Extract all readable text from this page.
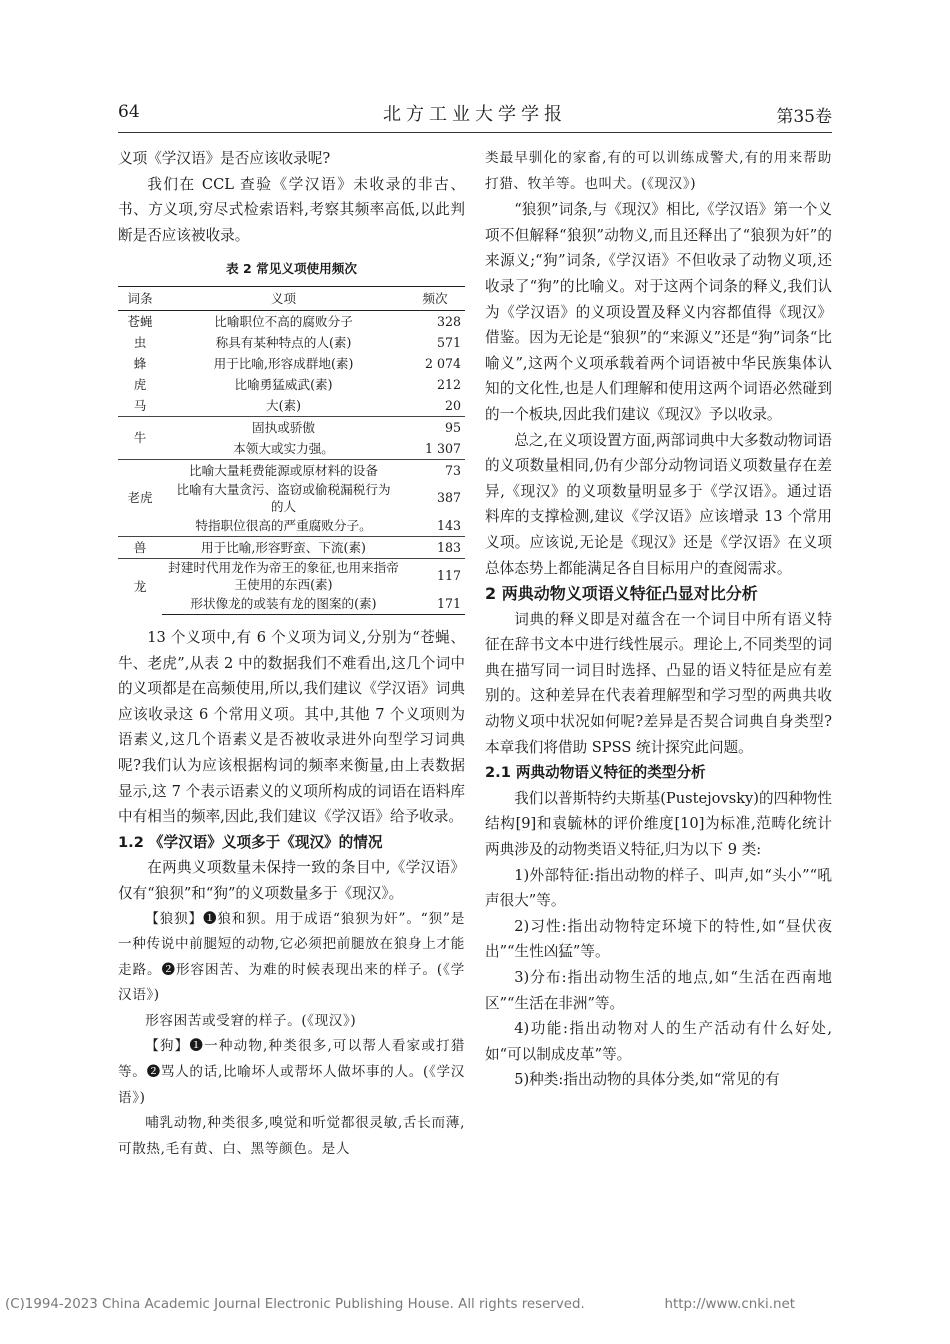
64	北方工业大学学报	第35卷

义项《学汉语》是否应该收录呢?

我们在 CCL 查验《学汉语》未收录的非古、书、方义项,穷尽式检索语料,考察其频率高低,以此判断是否应该被收录。

表 2 常见义项使用频次
词条	义项	频次
苍蝇	比喻职位不高的腐败分子	328
虫	称具有某种特点的人(素)	571
蜂	用于比喻,形容成群地(素)	2 074
虎	比喻勇猛威武(素)	212
马	大(素)	20
牛	固执或骄傲	95
	本领大或实力强。	1 307
老虎	比喻大量耗费能源或原材料的设备	73
	比喻有大量贪污、盗窃或偷税漏税行为的人	387
	特指职位很高的严重腐败分子。	143
兽	用于比喻,形容野蛮、下流(素)	183
龙	封建时代用龙作为帝王的象征,也用来指帝王使用的东西(素)	117
	形状像龙的或装有龙的图案的(素)	171

13 个义项中,有 6 个义项为词义,分别为“苍蝇、牛、老虎”,从表 2 中的数据我们不难看出,这几个词中的义项都是在高频使用,所以,我们建议《学汉语》词典应该收录这 6 个常用义项。其中,其他 7 个义项则为语素义,这几个语素义是否被收录进外向型学习词典呢?我们认为应该根据构词的频率来衡量,由上表数据显示,这 7 个表示语素义的义项所构成的词语在语料库中有相当的频率,因此,我们建议《学汉语》给予收录。

1.2 《学汉语》义项多于《现汉》的情况

在两典义项数量未保持一致的条目中,《学汉语》仅有“狼狈”和“狗”的义项数量多于《现汉》。

【狼狈】❶狼和狈。用于成语“狼狈为奸”。“狈”是一种传说中前腿短的动物,它必须把前腿放在狼身上才能走路。❷形容困苦、为难的时候表现出来的样子。(《学汉语》)

形容困苦或受窘的样子。(《现汉》)

【狗】❶一种动物,种类很多,可以帮人看家或打猎等。❷骂人的话,比喻坏人或帮坏人做坏事的人。(《学汉语》)

哺乳动物,种类很多,嗅觉和听觉都很灵敏,舌长而薄,可散热,毛有黄、白、黑等颜色。是人

类最早驯化的家畜,有的可以训练成警犬,有的用来帮助打猎、牧羊等。也叫犬。(《现汉》)

“狼狈”词条,与《现汉》相比,《学汉语》第一个义项不但解释“狼狈”动物义,而且还释出了“狼狈为奸”的来源义;“狗”词条,《学汉语》不但收录了动物义项,还收录了“狗”的比喻义。对于这两个词条的释义,我们认为《学汉语》的义项设置及释义内容都值得《现汉》借鉴。因为无论是“狼狈”的“来源义”还是“狗”词条“比喻义”,这两个义项承载着两个词语被中华民族集体认知的文化性,也是人们理解和使用这两个词语必然碰到的一个板块,因此我们建议《现汉》予以收录。

总之,在义项设置方面,两部词典中大多数动物词语的义项数量相同,仍有少部分动物词语义项数量存在差异,《现汉》的义项数量明显多于《学汉语》。通过语料库的支撑检测,建议《学汉语》应该增录 13 个常用义项。应该说,无论是《现汉》还是《学汉语》在义项总体态势上都能满足各自目标用户的查阅需求。

2 两典动物义项语义特征凸显对比分析

词典的释义即是对蕴含在一个词目中所有语义特征在辞书文本中进行线性展示。理论上,不同类型的词典在描写同一词目时选择、凸显的语义特征是应有差别的。这种差异在代表着理解型和学习型的两典共收动物义项中状况如何呢?差异是否契合词典自身类型?本章我们将借助 SPSS 统计探究此问题。

2.1 两典动物语义特征的类型分析

我们以普斯特约夫斯基(Pustejovsky)的四种物性结构[9]和袁毓林的评价维度[10]为标准,范畴化统计两典涉及的动物类语义特征,归为以下 9 类:

1)外部特征:指出动物的样子、叫声,如“头小”“吼声很大”等。

2)习性:指出动物特定环境下的特性,如“昼伏夜出”“生性凶猛”等。

3)分布:指出动物生活的地点,如“生活在西南地区”“生活在非洲”等。

4)功能:指出动物对人的生产活动有什么好处,如“可以制成皮革”等。

5)种类:指出动物的具体分类,如“常见的有

(C)1994-2023 China Academic Journal Electronic Publishing House. All rights reserved.	http://www.cnki.net
